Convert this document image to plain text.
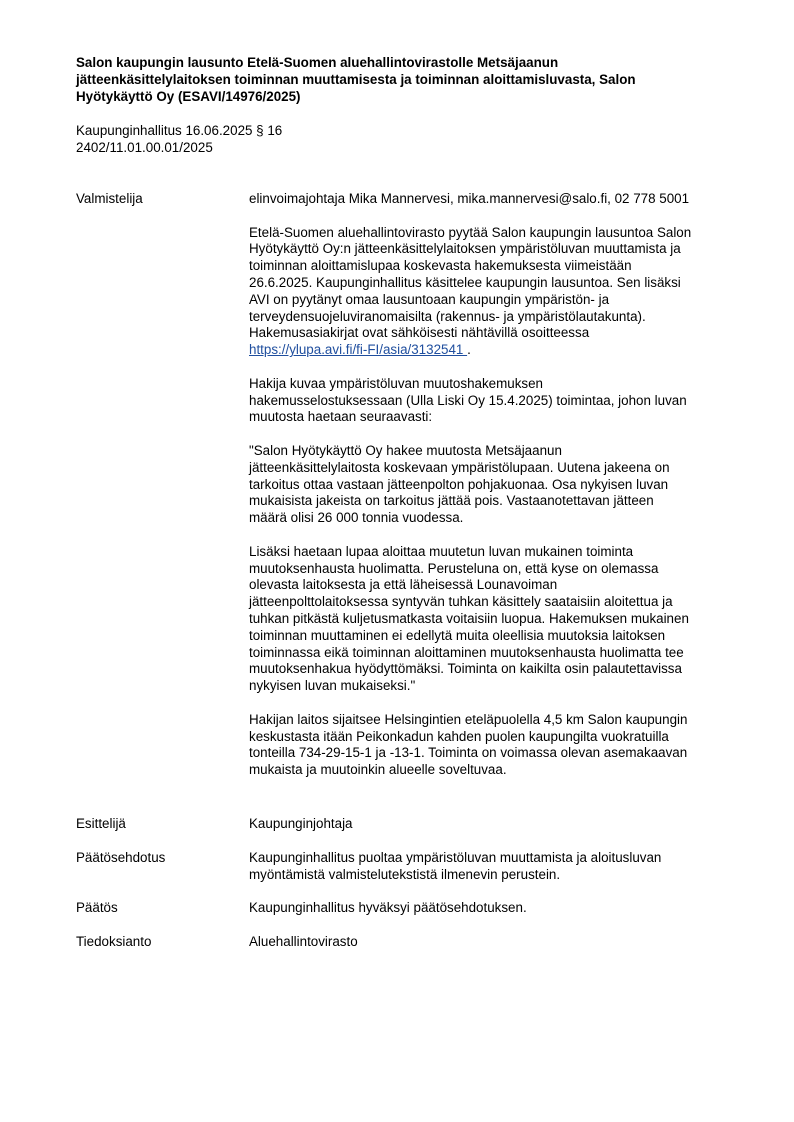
Salon kaupungin lausunto Etelä-Suomen aluehallintovirastolle Metsäjaanun
jätteenkäsittelylaitoksen toiminnan muuttamisesta ja toiminnan aloittamisluvasta, Salon
Hyötykäyttö Oy (ESAVI/14976/2025)
Kaupunginhallitus 16.06.2025 § 16
2402/11.01.00.01/2025
Valmistelija	elinvoimajohtaja Mika Mannervesi, mika.mannervesi@salo.fi, 02 778 5001

Etelä-Suomen aluehallintovirasto pyytää Salon kaupungin lausuntoa Salon
Hyötykäyttö Oy:n jätteenkäsittelylaitoksen ympäristöluvan muuttamista ja
toiminnan aloittamislupaa koskevasta hakemuksesta viimeistään
26.6.2025. Kaupunginhallitus käsittelee kaupungin lausuntoa. Sen lisäksi
AVI on pyytänyt omaa lausuntoaan kaupungin ympäristön- ja
terveydensuojeluviranomaisilta (rakennus- ja ympäristölautakunta).
Hakemusasiakirjat ovat sähköisesti nähtävillä osoitteessa
https://ylupa.avi.fi/fi-FI/asia/3132541 .

Hakija kuvaa ympäristöluvan muutoshakemuksen
hakemusselostuksessaan (Ulla Liski Oy 15.4.2025) toimintaa, johon luvan
muutosta haetaan seuraavasti:

"Salon Hyötykäyttö Oy hakee muutosta Metsäjaanun
jätteenkäsittelylaitosta koskevaan ympäristölupaan. Uutena jakeena on
tarkoitus ottaa vastaan jätteenpolton pohjakuonaa. Osa nykyisen luvan
mukaisista jakeista on tarkoitus jättää pois. Vastaanotettavan jätteen
määrä olisi 26 000 tonnia vuodessa.

Lisäksi haetaan lupaa aloittaa muutetun luvan mukainen toiminta
muutoksenhausta huolimatta. Perusteluna on, että kyse on olemassa
olevasta laitoksesta ja että läheisessä Lounavoiman
jätteenpolttolaitoksessa syntyvän tuhkan käsittely saataisiin aloitettua ja
tuhkan pitkästä kuljetusmatkasta voitaisiin luopua. Hakemuksen mukainen
toiminnan muuttaminen ei edellytä muita oleellisia muutoksia laitoksen
toiminnassa eikä toiminnan aloittaminen muutoksenhausta huolimatta tee
muutoksenhakua hyödyttömäksi. Toiminta on kaikilta osin palautettavissa
nykyisen luvan mukaiseksi."

Hakijan laitos sijaitsee Helsingintien eteläpuolella 4,5 km Salon kaupungin
keskustasta itään Peikonkadun kahden puolen kaupungilta vuokratuilla
tonteilla 734-29-15-1 ja -13-1. Toiminta on voimassa olevan asemakaavan
mukaista ja muutoinkin alueelle soveltuvaa.

Esittelijä	Kaupunginjohtaja
Päätösehdotus	Kaupunginhallitus puoltaa ympäristöluvan muuttamista ja aloitusluvan
myöntämistä valmistelutekstistä ilmenevin perustein.
Päätös	Kaupunginhallitus hyväksyi päätösehdotuksen.
Tiedoksianto	Aluehallintovirasto
